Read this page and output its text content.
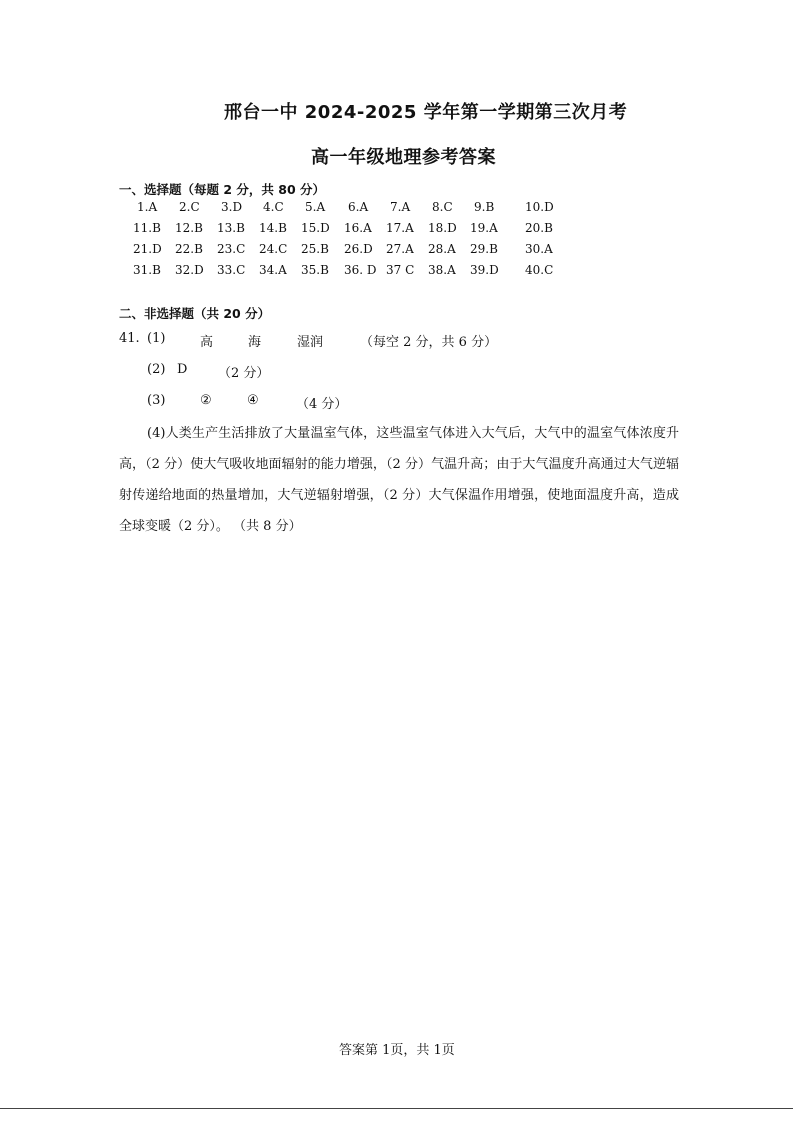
邢台一中 2024-2025 学年第一学期第三次月考
高一年级地理参考答案
一、选择题（每题 2 分，共 80 分）
1.A 2.C 3.D 4.C 5.A 6.A 7.A 8.C 9.B	10.D
11.B 12.B 13.B 14.B 15.D 16.A 17.A 18.D 19.A 20.B
21.D 22.B 23.C 24.C 25.B 26.D 27.A 28.A 29.B 30.A
31.B 32.D 33.C 34.A 35.B 36. D 37 C 38.A 39.D 40.C
二、非选择题（共 20 分）
41. (1)	高	海	湿润	（每空 2 分，共 6 分）
(2) D （2 分）
(3)	②	④	（4 分）
(4)人类生产生活排放了大量温室气体，这些温室气体进入大气后，大气中的温室气体浓度升高，（2 分）使大气吸收地面辐射的能力增强，（2 分）气温升高；由于大气温度升高通过大气逆辐射传递给地面的热量增加，大气逆辐射增强，（2 分）大气保温作用增强，使地面温度升高，造成全球变暖（2 分）。 （共 8 分）
答案第 1页，共 1页
